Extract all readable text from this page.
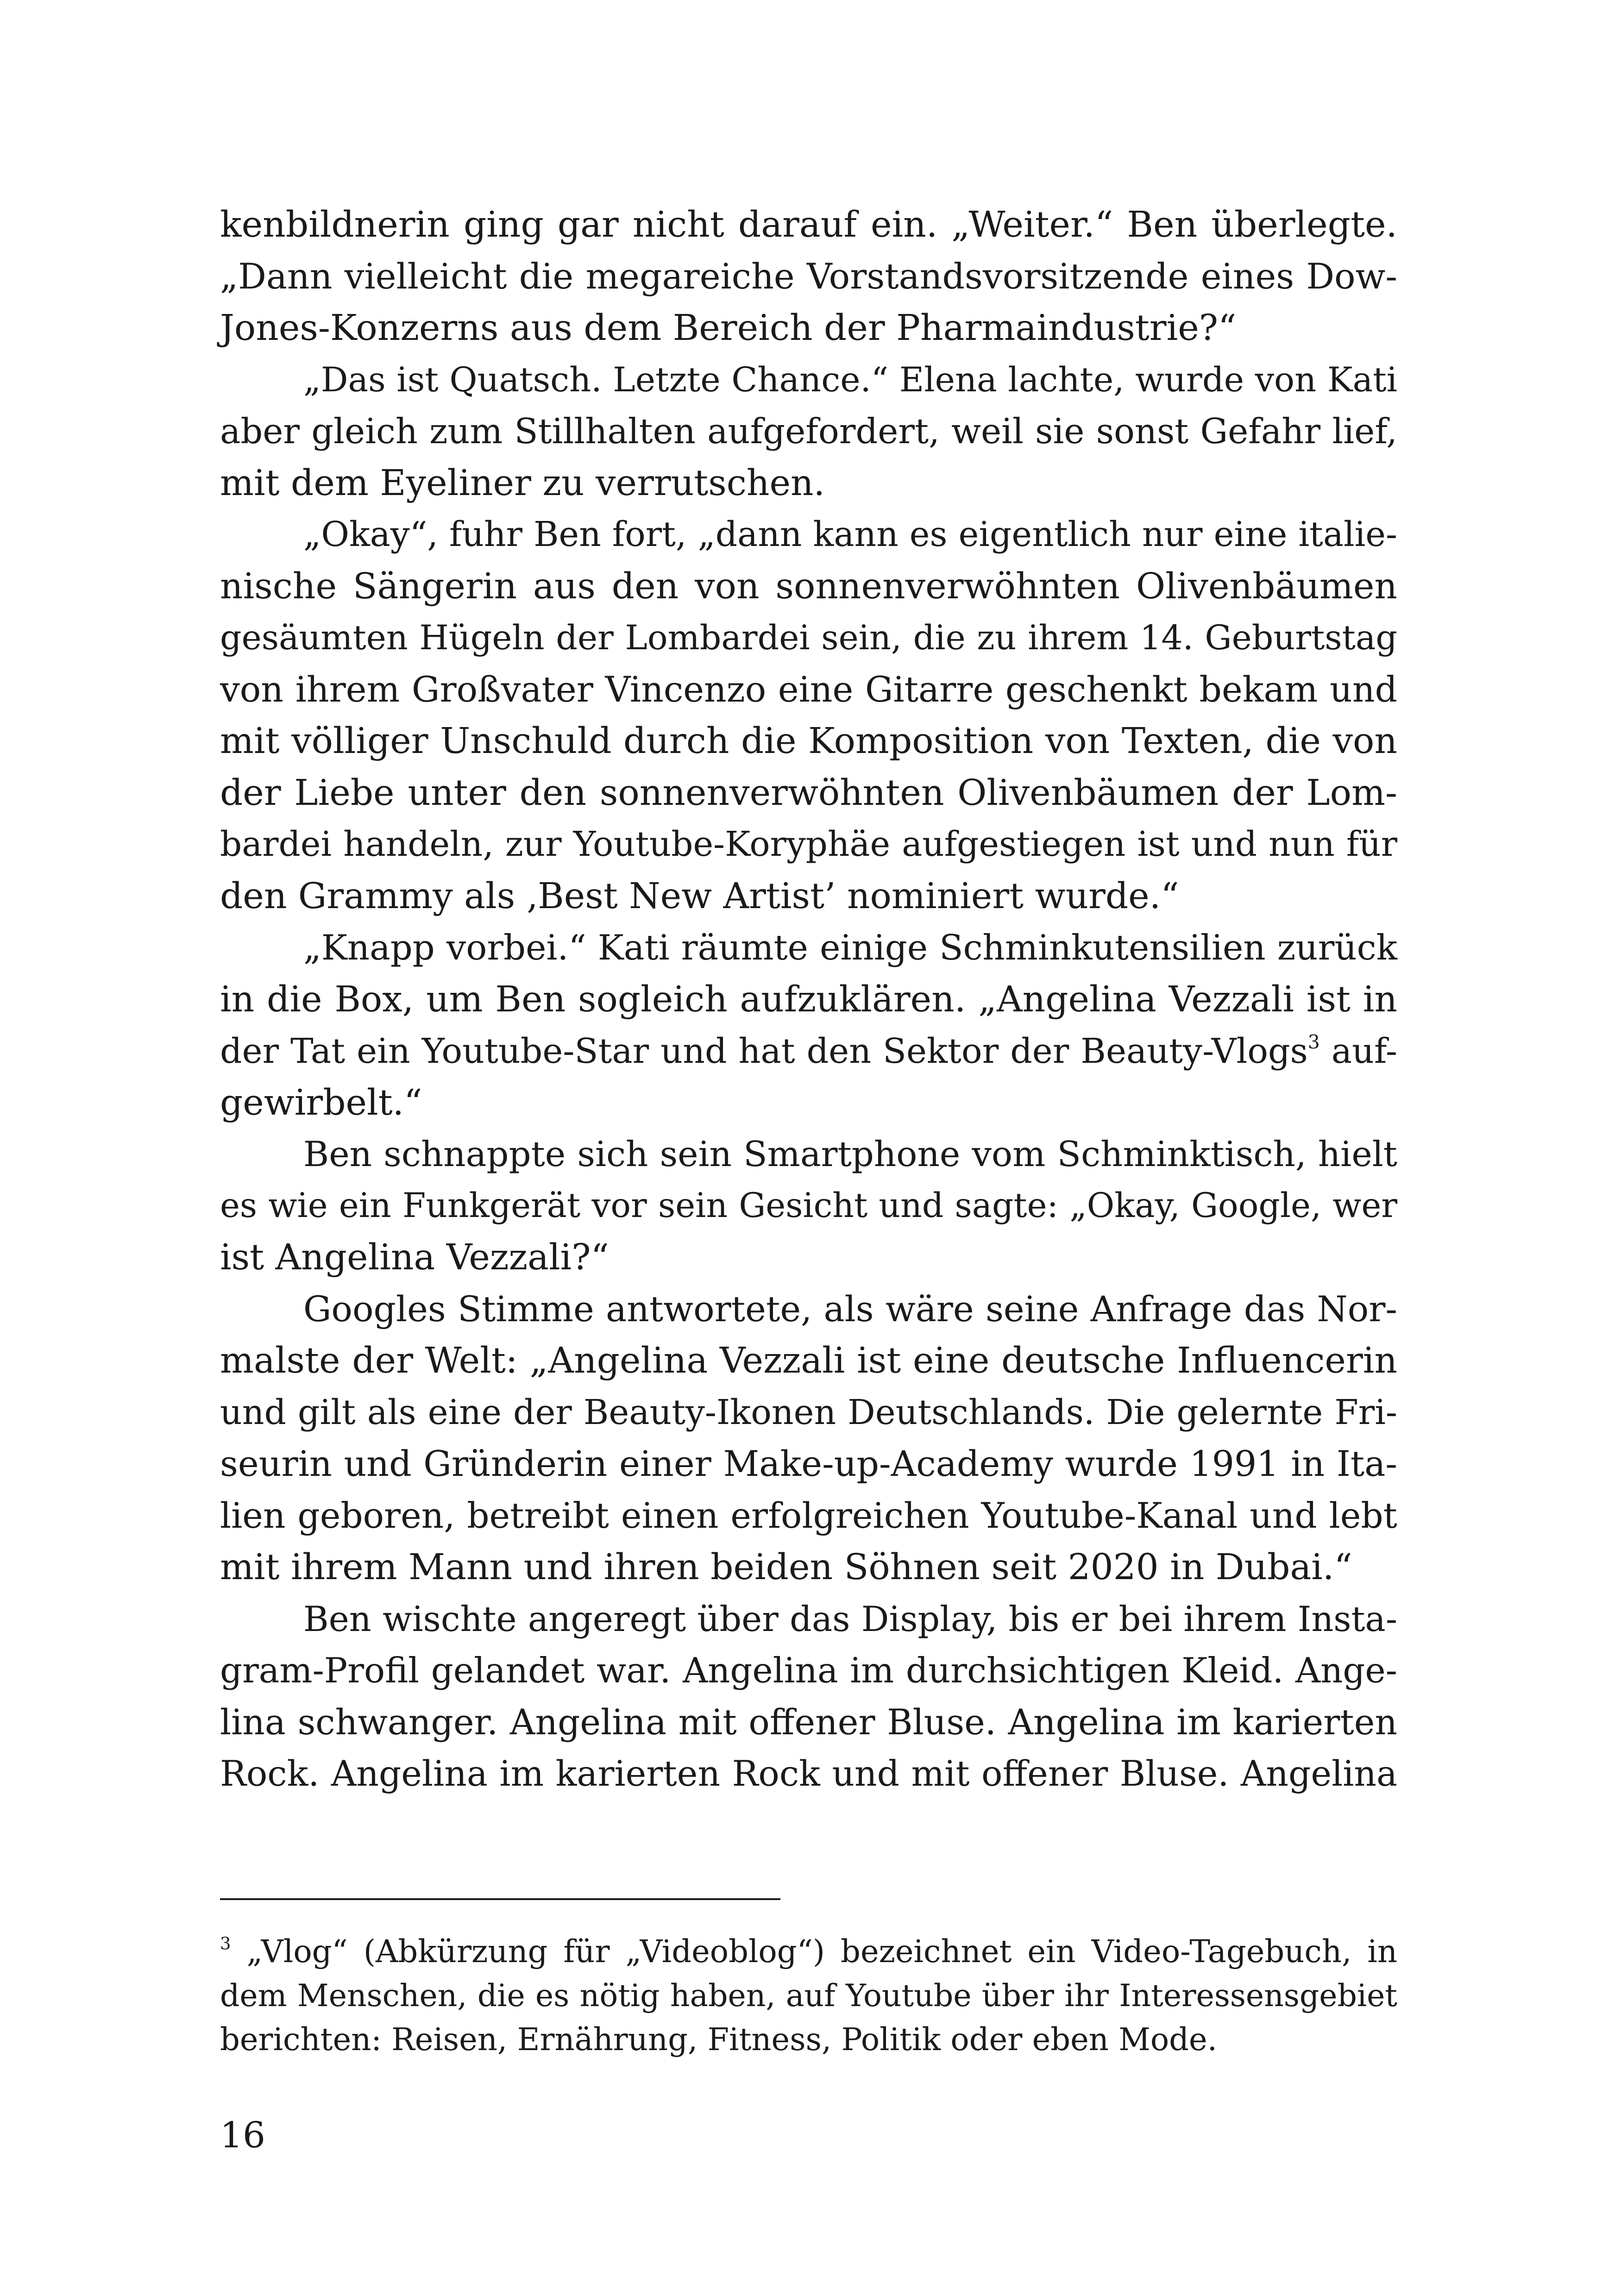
kenbildnerin ging gar nicht darauf ein. „Weiter.“ Ben überlegte.
„Dann vielleicht die megareiche Vorstandsvorsitzende eines Dow-
Jones-Konzerns aus dem Bereich der Pharmaindustrie?“
„Das ist Quatsch. Letzte Chance.“ Elena lachte, wurde von Kati
aber gleich zum Stillhalten aufgefordert, weil sie sonst Gefahr lief,
mit dem Eyeliner zu verrutschen.
„Okay“, fuhr Ben fort, „dann kann es eigentlich nur eine italie-
nische Sängerin aus den von sonnenverwöhnten Olivenbäumen
gesäumten Hügeln der Lombardei sein, die zu ihrem 14. Geburtstag
von ihrem Großvater Vincenzo eine Gitarre geschenkt bekam und
mit völliger Unschuld durch die Komposition von Texten, die von
der Liebe unter den sonnenverwöhnten Olivenbäumen der Lom-
bardei handeln, zur Youtube-Koryphäe aufgestiegen ist und nun für
den Grammy als ‚Best New Artist’ nominiert wurde.“
„Knapp vorbei.“ Kati räumte einige Schminkutensilien zurück
in die Box, um Ben sogleich aufzuklären. „Angelina Vezzali ist in
der Tat ein Youtube-Star und hat den Sektor der Beauty-Vlogs$^3$ auf-
gewirbelt.“
Ben schnappte sich sein Smartphone vom Schminktisch, hielt
es wie ein Funkgerät vor sein Gesicht und sagte: „Okay, Google, wer
ist Angelina Vezzali?“
Googles Stimme antwortete, als wäre seine Anfrage das Nor-
malste der Welt: „Angelina Vezzali ist eine deutsche Influencerin
und gilt als eine der Beauty-Ikonen Deutschlands. Die gelernte Fri-
seurin und Gründerin einer Make-up-Academy wurde 1991 in Ita-
lien geboren, betreibt einen erfolgreichen Youtube-Kanal und lebt
mit ihrem Mann und ihren beiden Söhnen seit 2020 in Dubai.“
Ben wischte angeregt über das Display, bis er bei ihrem Insta-
gram-Profil gelandet war. Angelina im durchsichtigen Kleid. Ange-
lina schwanger. Angelina mit offener Bluse. Angelina im karierten
Rock. Angelina im karierten Rock und mit offener Bluse. Angelina
$^3$ „Vlog“ (Abkürzung für „Videoblog“) bezeichnet ein Video-Tagebuch, in
dem Menschen, die es nötig haben, auf Youtube über ihr Interessensgebiet
berichten: Reisen, Ernährung, Fitness, Politik oder eben Mode.
16
